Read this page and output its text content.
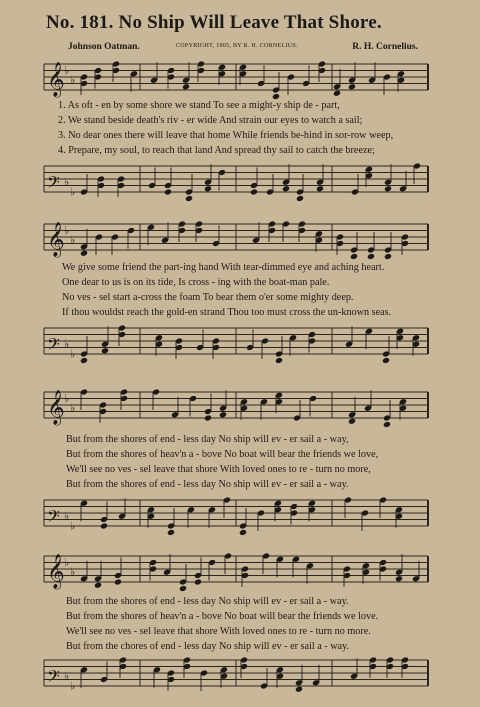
No. 181. No Ship Will Leave That Shore.
Johnson Oatman.	COPYRIGHT, 1905, BY R. H. CORNELIUS.	R. H. Cornelius.
𝄞 ♭
♭
1. As oft - en by some shore we stand To see a might-y ship de - part,
2. We stand beside death's riv - er wide And strain our eyes to watch a sail;
3. No dear ones there will leave that home While friends be-hind in sor-row weep,
4. Prepare, my soul, to reach that land And spread thy sail to catch the breeze;
𝄢 ♭
♭
𝄞 ♭
♭
We give some friend the part-ing hand With tear-dimmed eye and aching heart.
One dear to us is on its tide, Is cross - ing with the boat-man pale.
No ves - sel start a-cross the foam To bear them o'er some mighty deep.
If thou wouldst reach the gold-en strand Thou too must cross the un-known seas.
𝄢 ♭
♭
𝄞 ♭
♭
But from the shores of end - less day No ship will ev - er sail a - way,
But from the shores of heav'n a - bove No boat will bear the friends we love,
We'll see no ves - sel leave that shore With loved ones to re - turn no more,
But from the shores of end - less day No ship will ev - er sail a - way.
𝄢 ♭
♭
𝄞 ♭
♭
But from the shores of end - less day No ship will ev - er sail a - way.
But from the shores of heav'n a - bove No boat will bear the friends we love.
We'll see no ves - sel leave that shore With loved ones to re - turn no more.
But from the chores of end - less day No ship will ev - er sail a - way.
𝄢 ♭
♭
